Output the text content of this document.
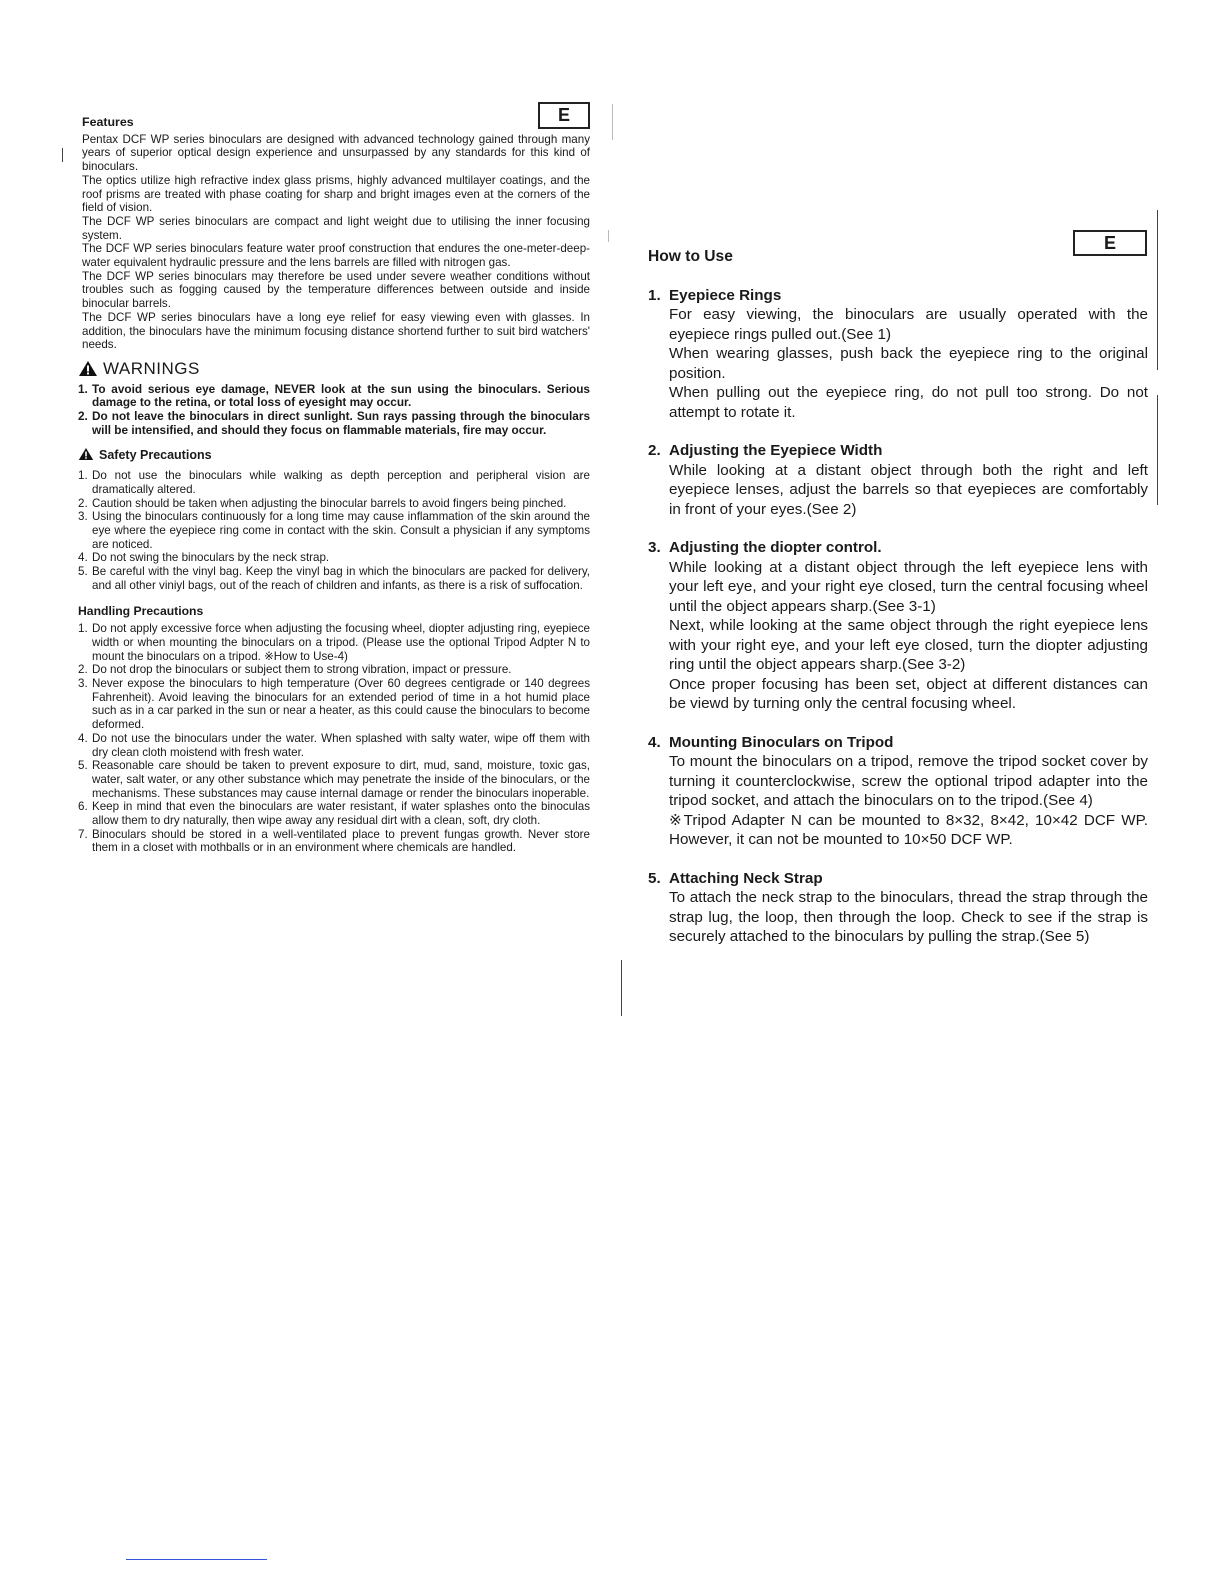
E
E
Features

Pentax DCF WP series binoculars are designed with advanced technology gained through many years of superior optical design experience and unsurpassed by any standards for this kind of binoculars.

The optics utilize high refractive index glass prisms, highly advanced multilayer coatings, and the roof prisms are treated with phase coating for sharp and bright images even at the corners of the field of vision.

The DCF WP series binoculars are compact and light weight due to utilising the inner focusing system.

The DCF WP series binoculars feature water proof construction that endures the one-meter-deep-water equivalent hydraulic pressure and the lens barrels are filled with nitrogen gas.

The DCF WP series binoculars may therefore be used under severe weather conditions without troubles such as fogging caused by the temperature differences between outside and inside binocular barrels.

The DCF WP series binoculars have a long eye relief for easy viewing even with glasses. In addition, the binoculars have the minimum focusing distance shortend further to suit bird watchers' needs.

WARNINGS
1. To avoid serious eye damage, NEVER look at the sun using the binoculars. Serious damage to the retina, or total loss of eyesight may occur.
2. Do not leave the binoculars in direct sunlight. Sun rays passing through the binoculars will be intensified, and should they focus on flammable materials, fire may occur.
Safety Precautions
1. Do not use the binoculars while walking as depth perception and peripheral vision are dramatically altered.
2. Caution should be taken when adjusting the binocular barrels to avoid fingers being pinched.
3. Using the binoculars continuously for a long time may cause inflammation of the skin around the eye where the eyepiece ring come in contact with the skin. Consult a physician if any symptoms are noticed.
4. Do not swing the binoculars by the neck strap.
5. Be careful with the vinyl bag. Keep the vinyl bag in which the binoculars are packed for delivery, and all other viniyl bags, out of the reach of children and infants, as there is a risk of suffocation.
Handling Precautions
1. Do not apply excessive force when adjusting the focusing wheel, diopter adjusting ring, eyepiece width or when mounting the binoculars on a tripod. (Please use the optional Tripod Adpter N to mount the binoculars on a tripod. ※How to Use-4)
2. Do not drop the binoculars or subject them to strong vibration, impact or pressure.
3. Never expose the binoculars to high temperature (Over 60 degrees centigrade or 140 degrees Fahrenheit). Avoid leaving the binoculars for an extended period of time in a hot humid place such as in a car parked in the sun or near a heater, as this could cause the binoculars to become deformed.
4. Do not use the binoculars under the water. When splashed with salty water, wipe off them with dry clean cloth moistend with fresh water.
5. Reasonable care should be taken to prevent exposure to dirt, mud, sand, moisture, toxic gas, water, salt water, or any other substance which may penetrate the inside of the binoculars, or the mechanisms. These substances may cause internal damage or render the binoculars inoperable.
6. Keep in mind that even the binoculars are water resistant, if water splashes onto the binoculas allow them to dry naturally, then wipe away any residual dirt with a clean, soft, dry cloth.
7. Binoculars should be stored in a well-ventilated place to prevent fungas growth. Never store them in a closet with mothballs or in an environment where chemicals are handled.
How to Use
1. Eyepiece Rings

For easy viewing, the binoculars are usually operated with the eyepiece rings pulled out.(See 1)

When wearing glasses, push back the eyepiece ring to the original position.

When pulling out the eyepiece ring, do not pull too strong. Do not attempt to rotate it.

2. Adjusting the Eyepiece Width

While looking at a distant object through both the right and left eyepiece lenses, adjust the barrels so that eyepieces are comfortably in front of your eyes.(See 2)

3. Adjusting the diopter control.

While looking at a distant object through the left eyepiece lens with your left eye, and your right eye closed, turn the central focusing wheel until the object appears sharp.(See 3-1)

Next, while looking at the same object through the right eyepiece lens with your right eye, and your left eye closed, turn the diopter adjusting ring until the object appears sharp.(See 3-2)

Once proper focusing has been set, object at different distances can be viewd by turning only the central focusing wheel.

4. Mounting Binoculars on Tripod

To mount the binoculars on a tripod, remove the tripod socket cover by turning it counterclockwise, screw the optional tripod adapter into the tripod socket, and attach the binoculars on to the tripod.(See 4)

※Tripod Adapter N can be mounted to 8×32, 8×42, 10×42 DCF WP. However, it can not be mounted to 10×50 DCF WP.

5. Attaching Neck Strap

To attach the neck strap to the binoculars, thread the strap through the strap lug, the loop, then through the loop. Check to see if the strap is securely attached to the binoculars by pulling the strap.(See 5)
